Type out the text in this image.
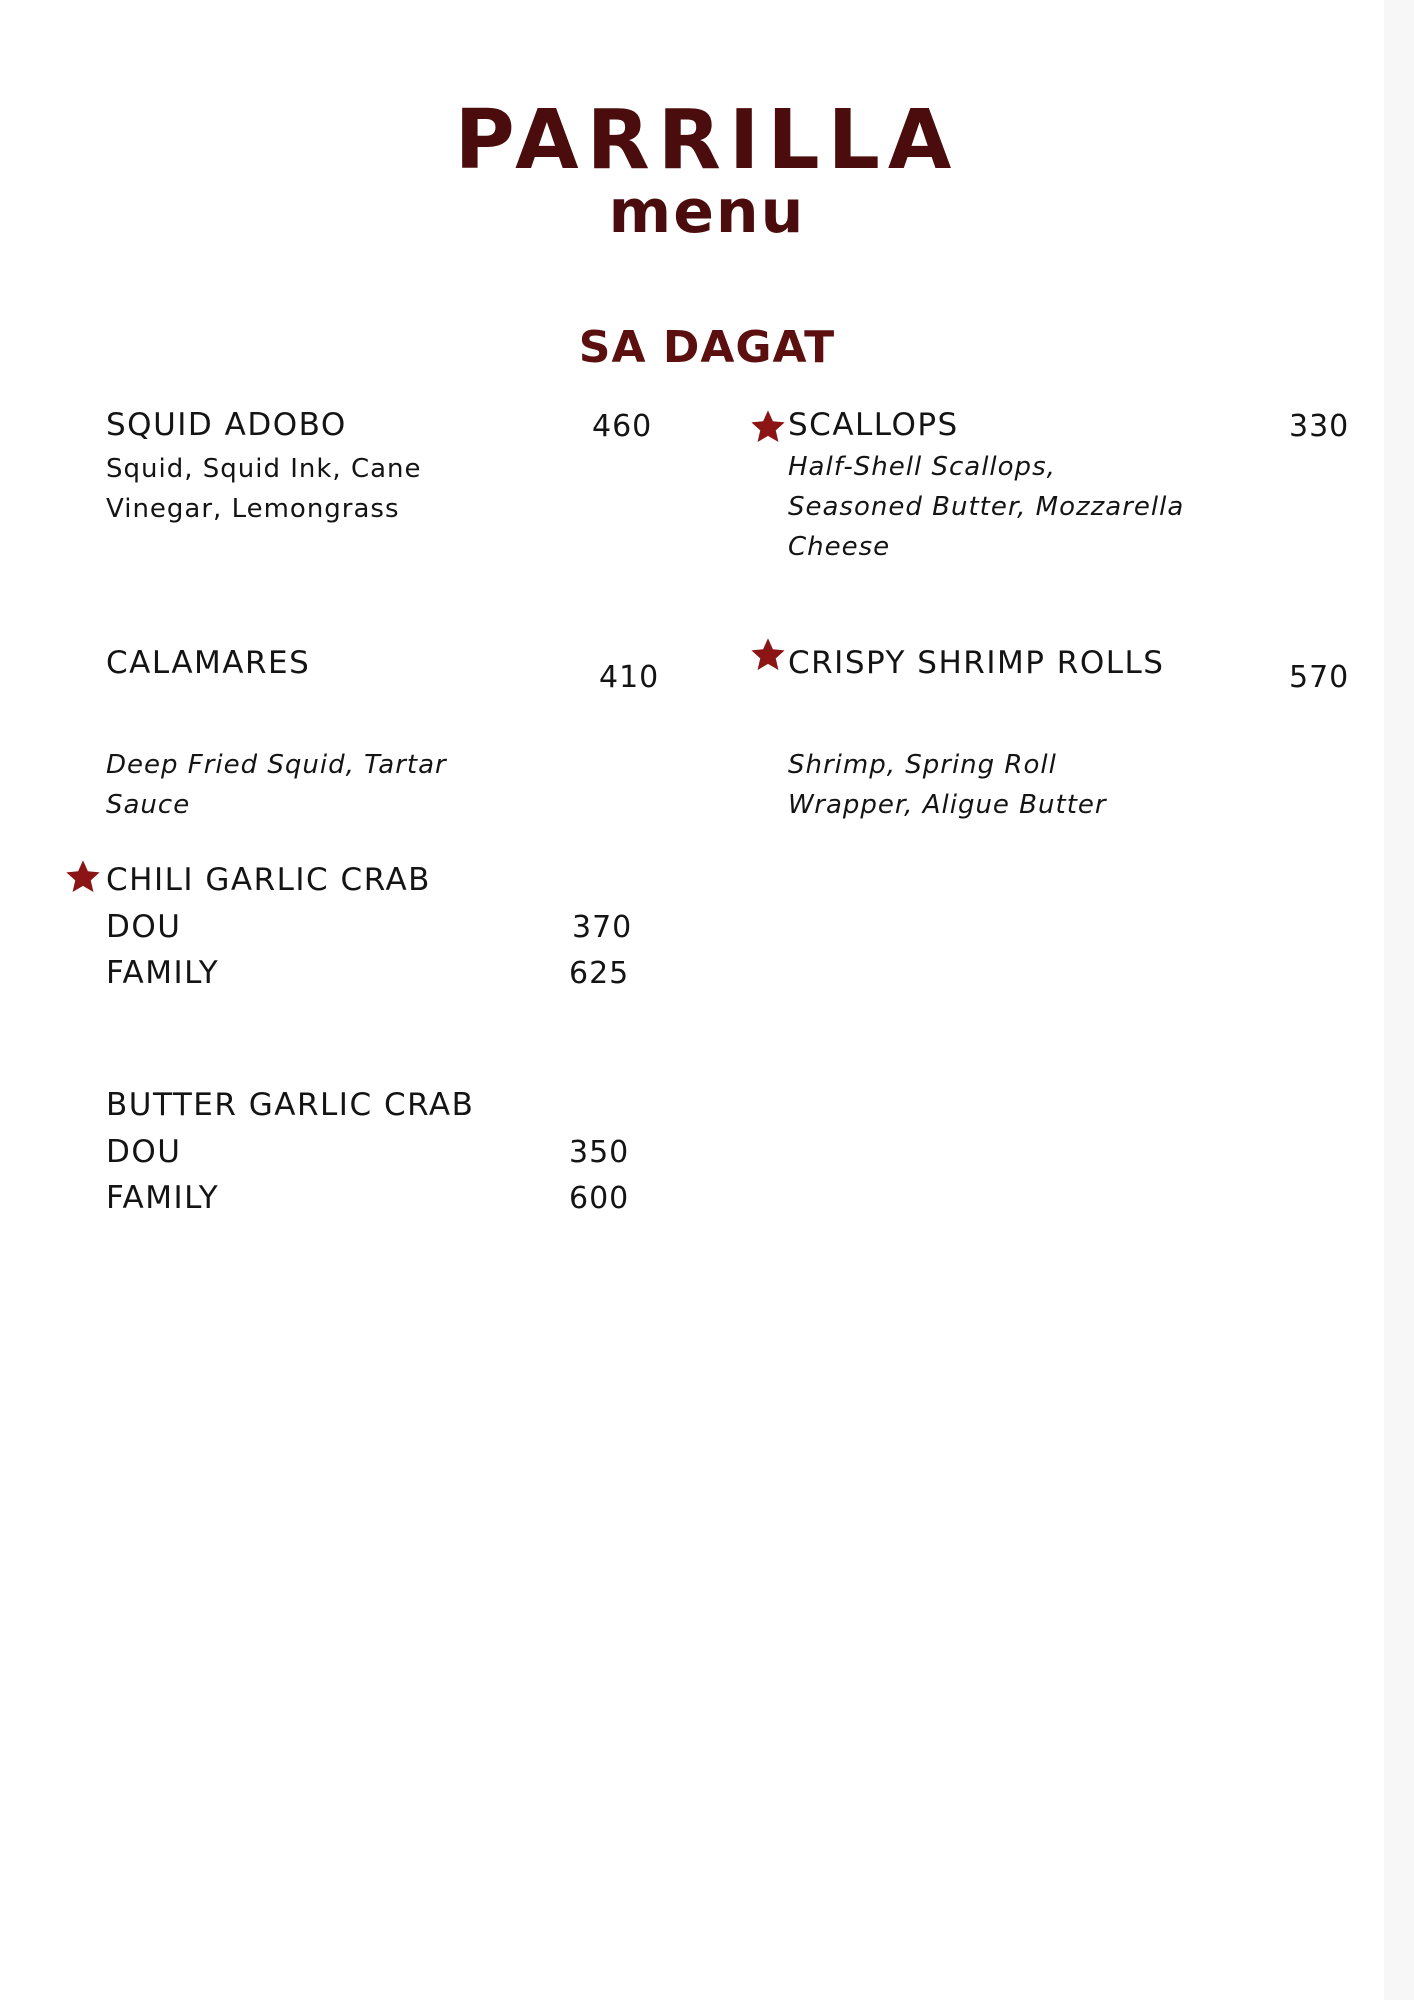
PARRILLA
menu
SA DAGAT
SQUID ADOBO	460
Squid, Squid Ink, Cane Vinegar, Lemongrass
SCALLOPS	330
Half-Shell Scallops, Seasoned Butter, Mozzarella Cheese
CALAMARES	410
Deep Fried Squid, Tartar Sauce
CRISPY SHRIMP ROLLS	570
Shrimp, Spring Roll Wrapper, Aligue Butter
CHILI GARLIC CRAB
DOU	370
FAMILY	625
BUTTER GARLIC CRAB
DOU	350
FAMILY	600
